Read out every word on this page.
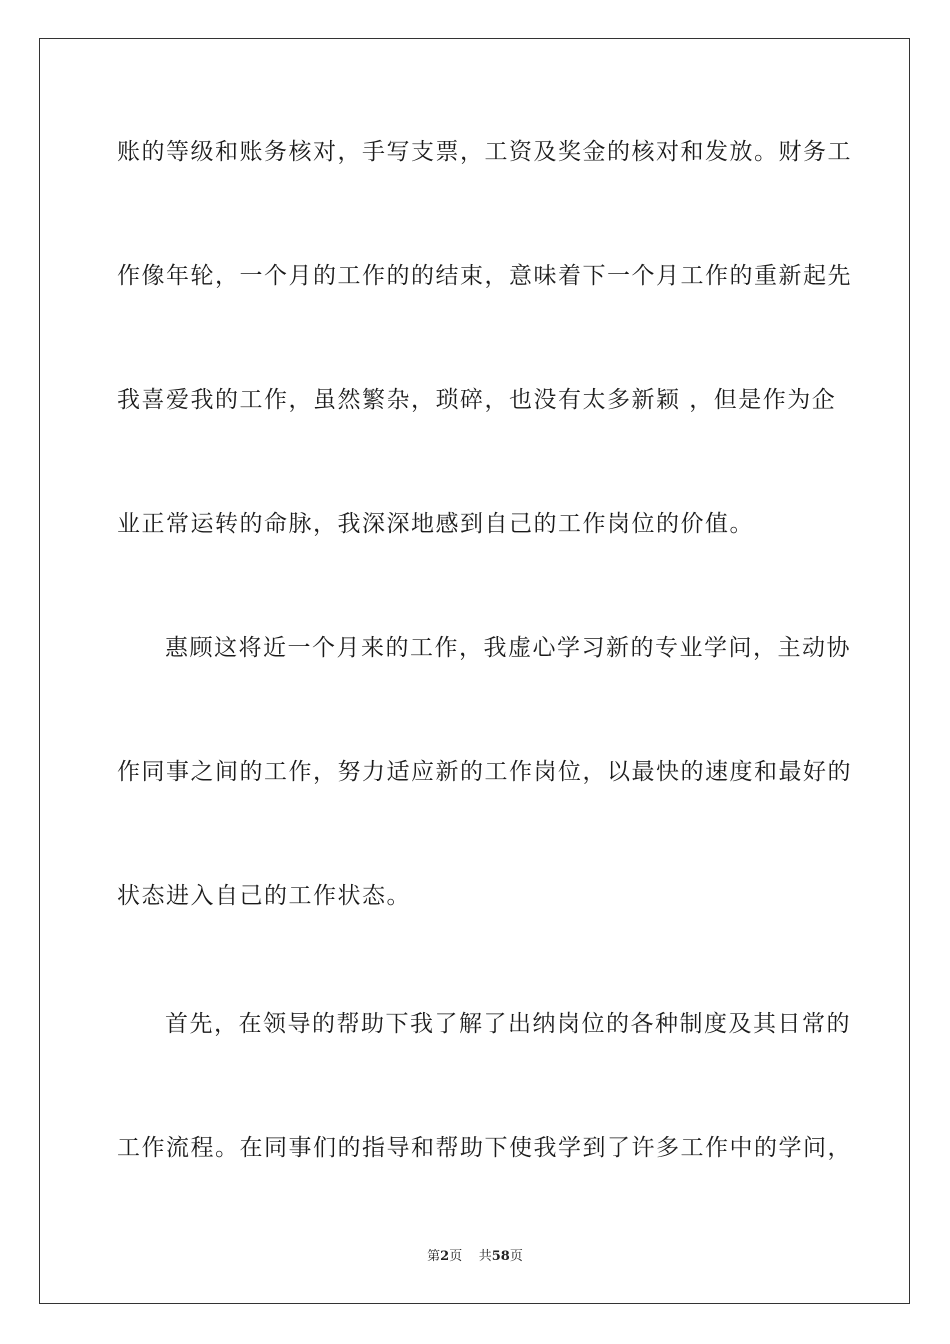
账的等级和账务核对，手写支票，工资及奖金的核对和发放。财务工
作像年轮，一个月的工作的的结束，意味着下一个月工作的重新起先
我喜爱我的工作，虽然繁杂，琐碎，也没有太多新颖 ，但是作为企
业正常运转的命脉，我深深地感到自己的工作岗位的价值。
惠顾这将近一个月来的工作，我虚心学习新的专业学问，主动协
作同事之间的工作，努力适应新的工作岗位，以最快的速度和最好的
状态进入自己的工作状态。
首先，在领导的帮助下我了解了出纳岗位的各种制度及其日常的
工作流程。在同事们的指导和帮助下使我学到了许多工作中的学问，
第2页 共58页
